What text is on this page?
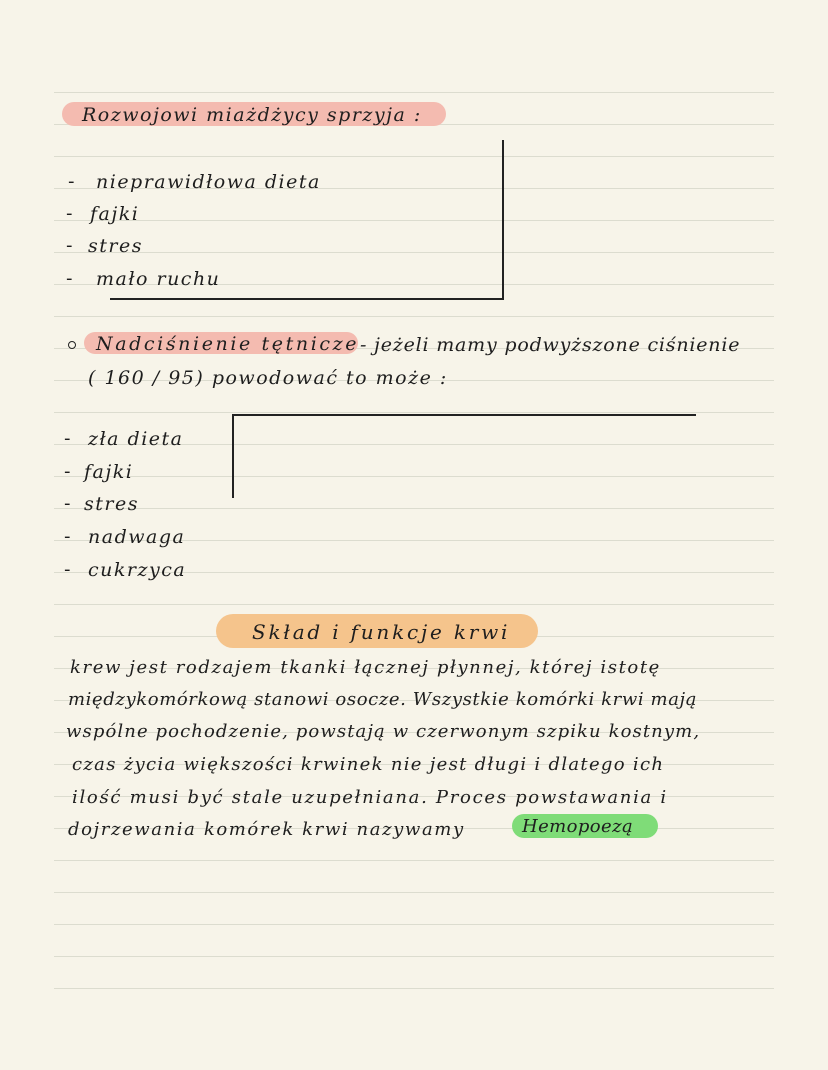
Rozwojowi miażdżycy sprzyja :
- nieprawidłowa dieta
- fajki
- stres
- mało ruchu
Nadciśnienie tętnicze - jeżeli mamy podwyższone ciśnienie
( 160 / 95) powodować to może :
- zła dieta
- fajki
- stres
- nadwaga
- cukrzyca
Skład i funkcje krwi
krew jest rodzajem tkanki łącznej płynnej, której istotę
międzykomórkową stanowi osocze. Wszystkie komórki krwi mają
wspólne pochodzenie, powstają w czerwonym szpiku kostnym,
czas życia większości krwinek nie jest długi i dlatego ich
ilość musi być stale uzupełniana. Proces powstawania i
dojrzewania komórek krwi nazywamy	Hemopoezą
